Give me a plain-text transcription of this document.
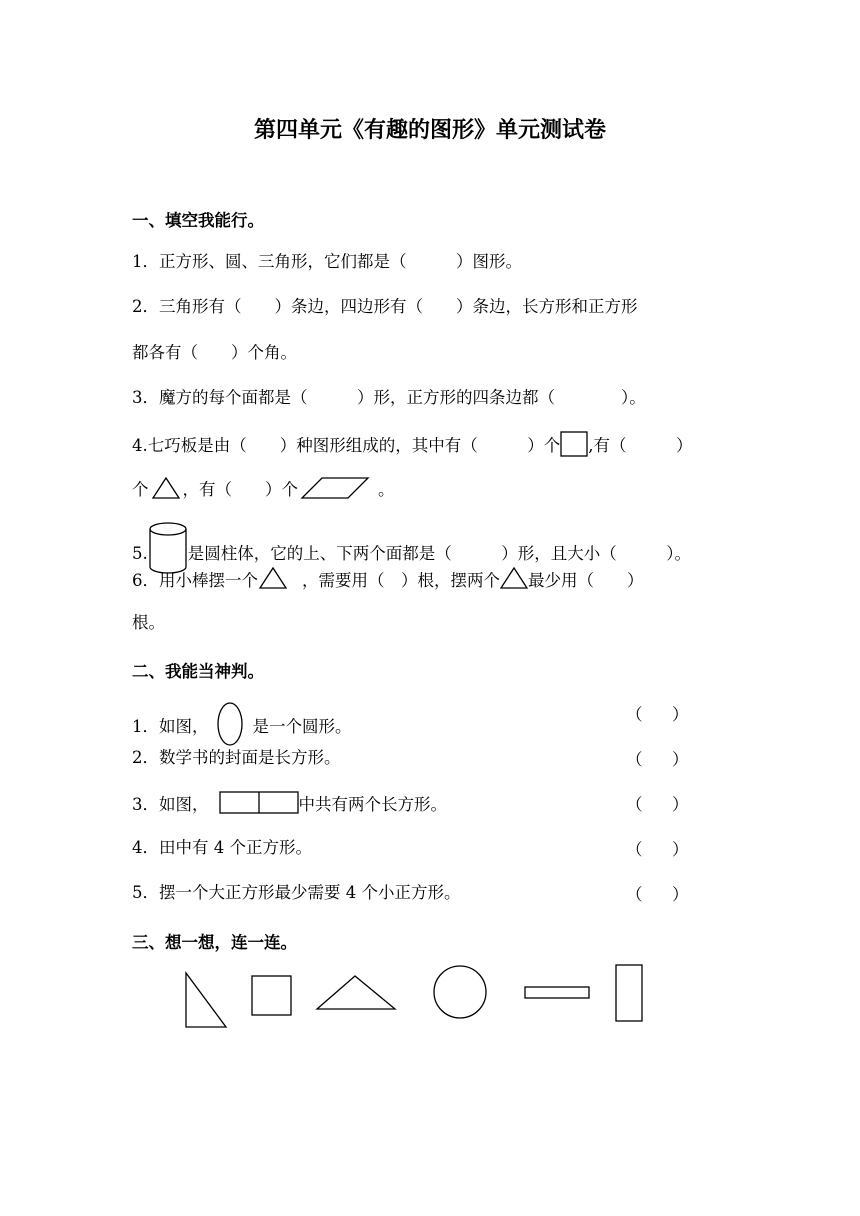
第四单元《有趣的图形》单元测试卷
一、填空我能行。
1．正方形、圆、三角形，它们都是（　　　）图形。
2．三角形有（　　）条边，四边形有（　　）条边，长方形和正方形
都各有（　　）个角。
3．魔方的每个面都是（　　　）形，正方形的四条边都（　　　　）。
4.七巧板是由（　　）种图形组成的，其中有（　　　）个 ,有（　　　）
个 ，有（　　）个	。
5. 是圆柱体，它的上、下两个面都是（　　　）形，且大小（　　　）。
6．用小棒摆一个	，需要用（　）根，摆两个 最少用（　　）
根。
二、我能当神判。
1．如图，	是一个圆形。
（ ）
2．数学书的封面是长方形。	（ ）
3．如图，	中共有两个长方形。	（ ）
4．田中有 4 个正方形。	（ ）
5．摆一个大正方形最少需要 4 个小正方形。	（ ）
三、想一想，连一连。
